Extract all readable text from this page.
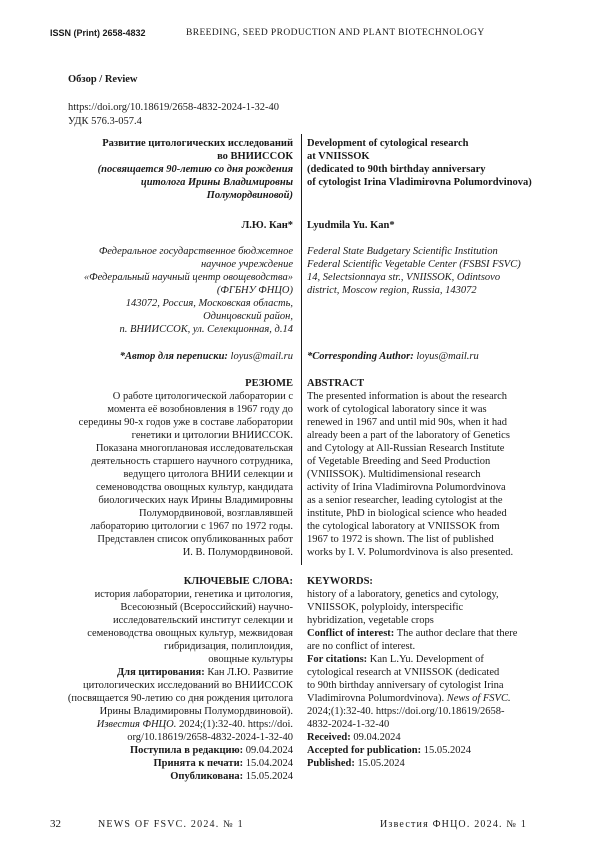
ISSN (Print) 2658-4832	BREEDING, SEED PRODUCTION AND PLANT BIOTECHNOLOGY
Обзор / Review
https://doi.org/10.18619/2658-4832-2024-1-32-40
УДК 576.3-057.4

Развитие цитологических исследований

во ВНИИССОК

(посвящается 90-летию со дня рождения

цитолога Ирины Владимировны

Полумордвиновой)

Л.Ю. Кан*

Федеральное государственное бюджетное

научное учреждение

«Федеральный научный центр овощеводства»

(ФГБНУ ФНЦО)

143072, Россия, Московская область,

Одинцовский район,

п. ВНИИССОК, ул. Селекционная, д.14

*Автор для переписки: loyus@mail.ru

РЕЗЮМЕ

О работе цитологической лаборатории с

момента её возобновления в 1967 году до

середины 90-х годов уже в составе лаборатории

генетики и цитологии ВНИИССОК.

Показана многоплановая исследовательская

деятельность старшего научного сотрудника,

ведущего цитолога ВНИИ селекции и

семеноводства овощных культур, кандидата

биологических наук Ирины Владимировны

Полумордвиновой, возглавлявшей

лабораторию цитологии с 1967 по 1972 годы.

Представлен список опубликованных работ

И. В. Полумордвиновой.

КЛЮЧЕВЫЕ СЛОВА:

история лаборатории, генетика и цитология,

Всесоюзный (Всероссийский) научно-

исследовательский институт селекции и

семеноводства овощных культур, межвидовая

гибридизация, полиплоидия,

овощные культуры

Для цитирования: Кан Л.Ю. Развитие

цитологических исследований во ВНИИССОК

(посвящается 90-летию со дня рождения цитолога

Ирины Владимировны Полумордвиновой).

Известия ФНЦО. 2024;(1):32-40. https://doi.

org/10.18619/2658-4832-2024-1-32-40

Поступила в редакцию: 09.04.2024

Принята к печати: 15.04.2024

Опубликована: 15.05.2024

Development of cytological research

at VNIISSOK

(dedicated to 90th birthday anniversary

of cytologist Irina Vladimirovna Polumordvinova)

Lyudmila Yu. Kan*

Federal State Budgetary Scientific Institution

Federal Scientific Vegetable Center (FSBSI FSVC)

14, Selectsionnaya str., VNIISSOK, Odintsovo

district, Moscow region, Russia, 143072

*Corresponding Author: loyus@mail.ru

ABSTRACT

The presented information is about the research

work of cytological laboratory since it was

renewed in 1967 and until mid 90s, when it had

already been a part of the laboratory of Genetics

and Cytology at All-Russian Research Institute

of Vegetable Breeding and Seed Production

(VNIISSOK). Multidimensional research

activity of Irina Vladimirovna Polumordvinova

as a senior researcher, leading cytologist at the

institute, PhD in biological science who headed

the cytological laboratory at VNIISSOK from

1967 to 1972 is shown. The list of published

works by I. V. Polumordvinova is also presented.

KEYWORDS:

history of a laboratory, genetics and cytology,

VNIISSOK, polyploidy, interspecific

hybridization, vegetable crops

Conflict of interest: The author declare that there

are no conflict of interest.

For citations: Kan L.Yu. Development of

cytological research at VNIISSOK (dedicated

to 90th birthday anniversary of cytologist Irina

Vladimirovna Polumordvinova). News of FSVC.

2024;(1):32-40. https://doi.org/10.18619/2658-

4832-2024-1-32-40

Received: 09.04.2024

Accepted for publication: 15.05.2024

Published: 15.05.2024

32	NEWS OF FSVC. 2024. № 1	Известия ФНЦО. 2024. № 1
